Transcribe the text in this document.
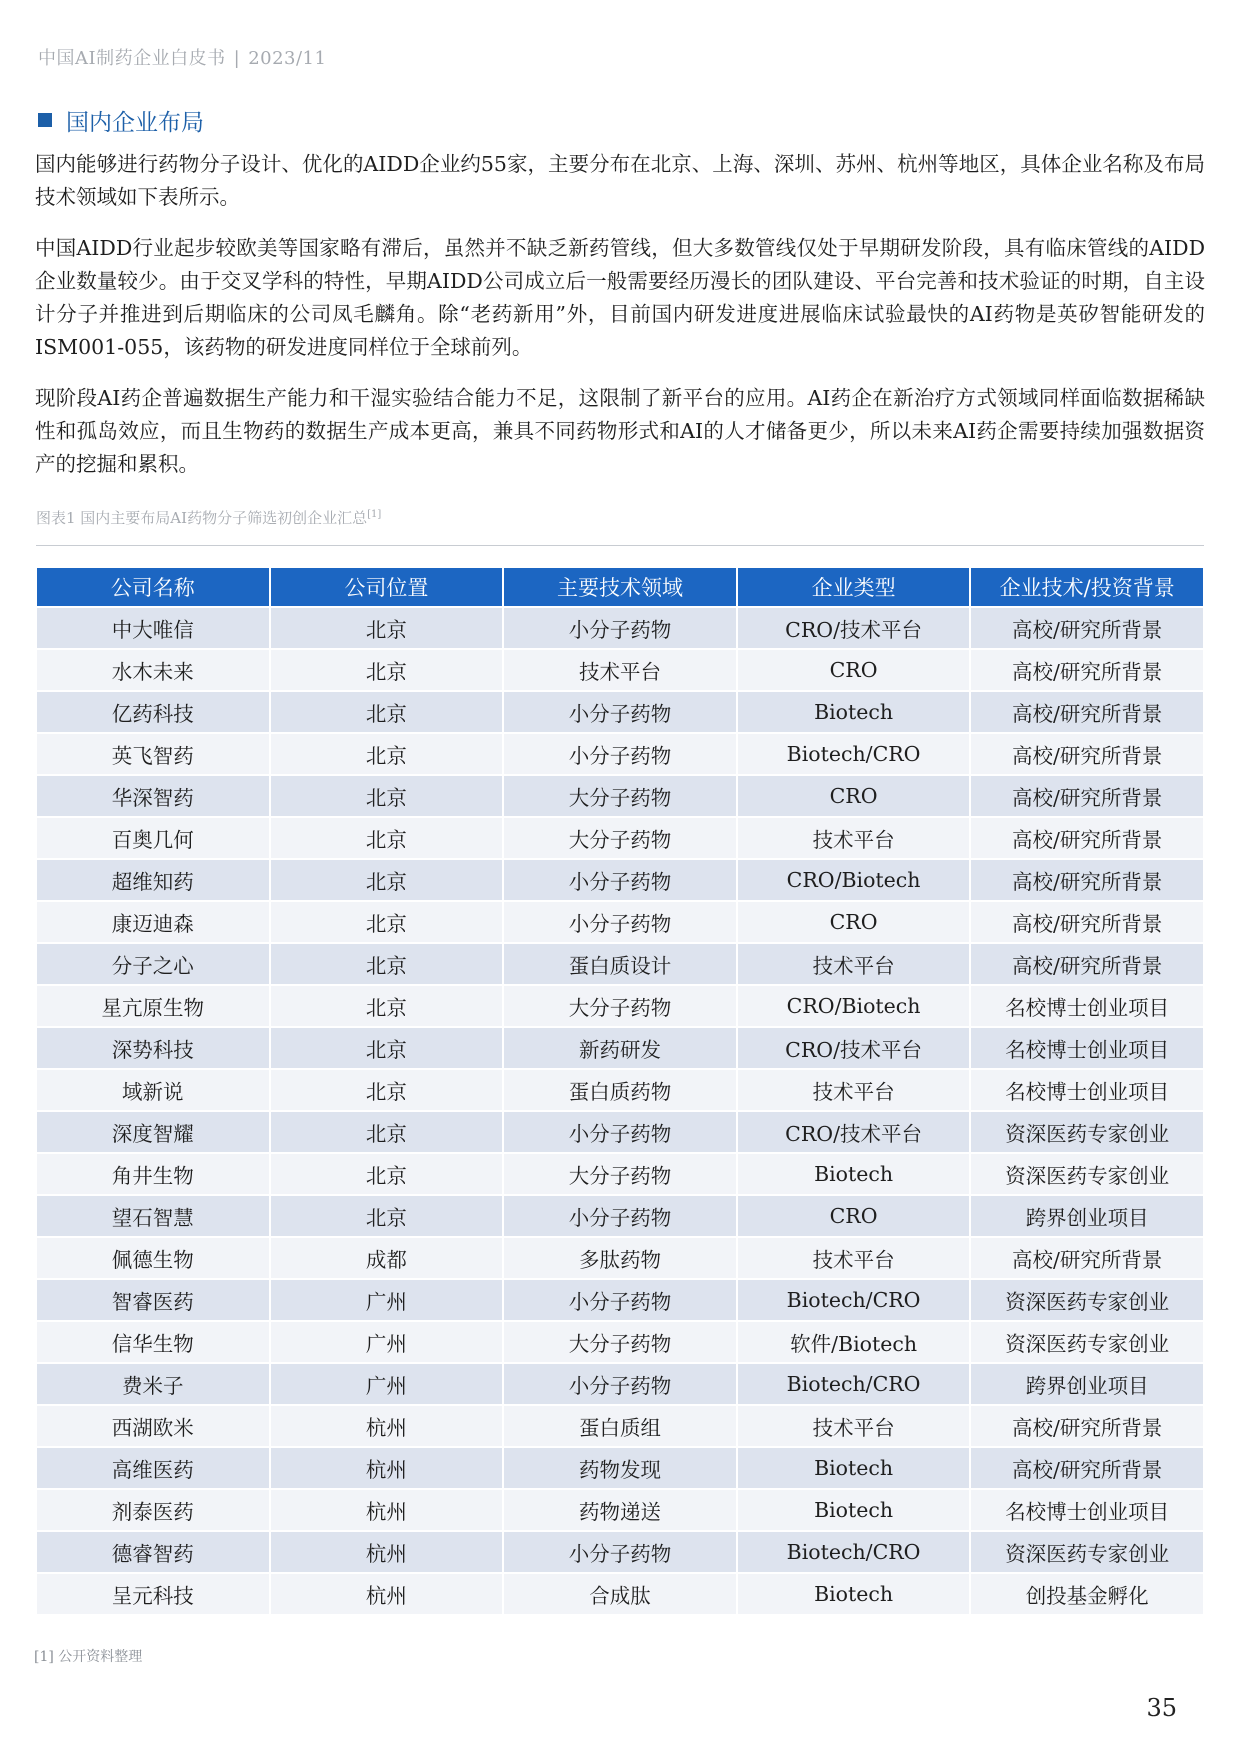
中国AI制药企业白皮书 | 2023/11
国内企业布局

国内能够进行药物分子设计、优化的AIDD企业约55家，主要分布在北京、上海、深圳、苏州、杭州等地区，具体企业名称及布局技术领域如下表所示。

中国AIDD行业起步较欧美等国家略有滞后，虽然并不缺乏新药管线，但大多数管线仅处于早期研发阶段，具有临床管线的AIDD企业数量较少。由于交叉学科的特性，早期AIDD公司成立后一般需要经历漫长的团队建设、平台完善和技术验证的时期，自主设计分子并推进到后期临床的公司凤毛麟角。除“老药新用”外，目前国内研发进度进展临床试验最快的AI药物是英矽智能研发的ISM001-055，该药物的研发进度同样位于全球前列。

现阶段AI药企普遍数据生产能力和干湿实验结合能力不足，这限制了新平台的应用。AI药企在新治疗方式领域同样面临数据稀缺性和孤岛效应，而且生物药的数据生产成本更高，兼具不同药物形式和AI的人才储备更少，所以未来AI药企需要持续加强数据资产的挖掘和累积。

图表1 国内主要布局AI药物分子筛选初创企业汇总[1]
公司名称	公司位置	主要技术领域	企业类型	企业技术/投资背景
中大唯信	北京	小分子药物	CRO/技术平台	高校/研究所背景
水木未来	北京	技术平台	CRO	高校/研究所背景
亿药科技	北京	小分子药物	Biotech	高校/研究所背景
英飞智药	北京	小分子药物	Biotech/CRO	高校/研究所背景
华深智药	北京	大分子药物	CRO	高校/研究所背景
百奥几何	北京	大分子药物	技术平台	高校/研究所背景
超维知药	北京	小分子药物	CRO/Biotech	高校/研究所背景
康迈迪森	北京	小分子药物	CRO	高校/研究所背景
分子之心	北京	蛋白质设计	技术平台	高校/研究所背景
星亢原生物	北京	大分子药物	CRO/Biotech	名校博士创业项目
深势科技	北京	新药研发	CRO/技术平台	名校博士创业项目
域新说	北京	蛋白质药物	技术平台	名校博士创业项目
深度智耀	北京	小分子药物	CRO/技术平台	资深医药专家创业
角井生物	北京	大分子药物	Biotech	资深医药专家创业
望石智慧	北京	小分子药物	CRO	跨界创业项目
佩德生物	成都	多肽药物	技术平台	高校/研究所背景
智睿医药	广州	小分子药物	Biotech/CRO	资深医药专家创业
信华生物	广州	大分子药物	软件/Biotech	资深医药专家创业
费米子	广州	小分子药物	Biotech/CRO	跨界创业项目
西湖欧米	杭州	蛋白质组	技术平台	高校/研究所背景
高维医药	杭州	药物发现	Biotech	高校/研究所背景
剂泰医药	杭州	药物递送	Biotech	名校博士创业项目
德睿智药	杭州	小分子药物	Biotech/CRO	资深医药专家创业
呈元科技	杭州	合成肽	Biotech	创投基金孵化
[1] 公开资料整理
35
